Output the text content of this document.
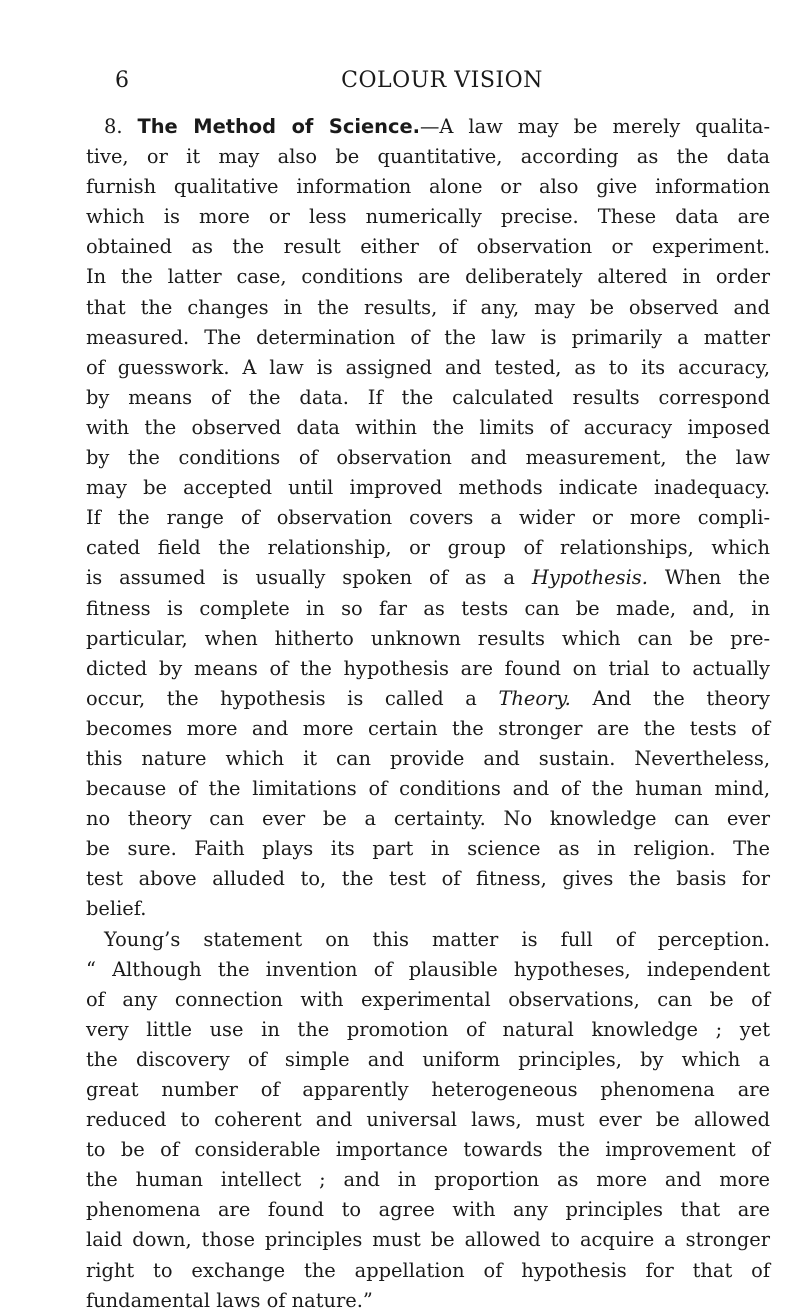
6	COLOUR VISION
8. The Method of Science.—A law may be merely qualita-
tive, or it may also be quantitative, according as the data
furnish qualitative information alone or also give information
which is more or less numerically precise. These data are
obtained as the result either of observation or experiment.
In the latter case, conditions are deliberately altered in order
that the changes in the results, if any, may be observed and
measured. The determination of the law is primarily a matter
of guesswork. A law is assigned and tested, as to its accuracy,
by means of the data. If the calculated results correspond
with the observed data within the limits of accuracy imposed
by the conditions of observation and measurement, the law
may be accepted until improved methods indicate inadequacy.
If the range of observation covers a wider or more compli-
cated field the relationship, or group of relationships, which
is assumed is usually spoken of as a Hypothesis. When the
fitness is complete in so far as tests can be made, and, in
particular, when hitherto unknown results which can be pre-
dicted by means of the hypothesis are found on trial to actually
occur, the hypothesis is called a Theory. And the theory
becomes more and more certain the stronger are the tests of
this nature which it can provide and sustain. Nevertheless,
because of the limitations of conditions and of the human mind,
no theory can ever be a certainty. No knowledge can ever
be sure. Faith plays its part in science as in religion. The
test above alluded to, the test of fitness, gives the basis for
belief.
Young’s statement on this matter is full of perception.
“ Although the invention of plausible hypotheses, independent
of any connection with experimental observations, can be of
very little use in the promotion of natural knowledge ; yet
the discovery of simple and uniform principles, by which a
great number of apparently heterogeneous phenomena are
reduced to coherent and universal laws, must ever be allowed
to be of considerable importance towards the improvement of
the human intellect ; and in proportion as more and more
phenomena are found to agree with any principles that are
laid down, those principles must be allowed to acquire a stronger
right to exchange the appellation of hypothesis for that of
fundamental laws of nature.”
